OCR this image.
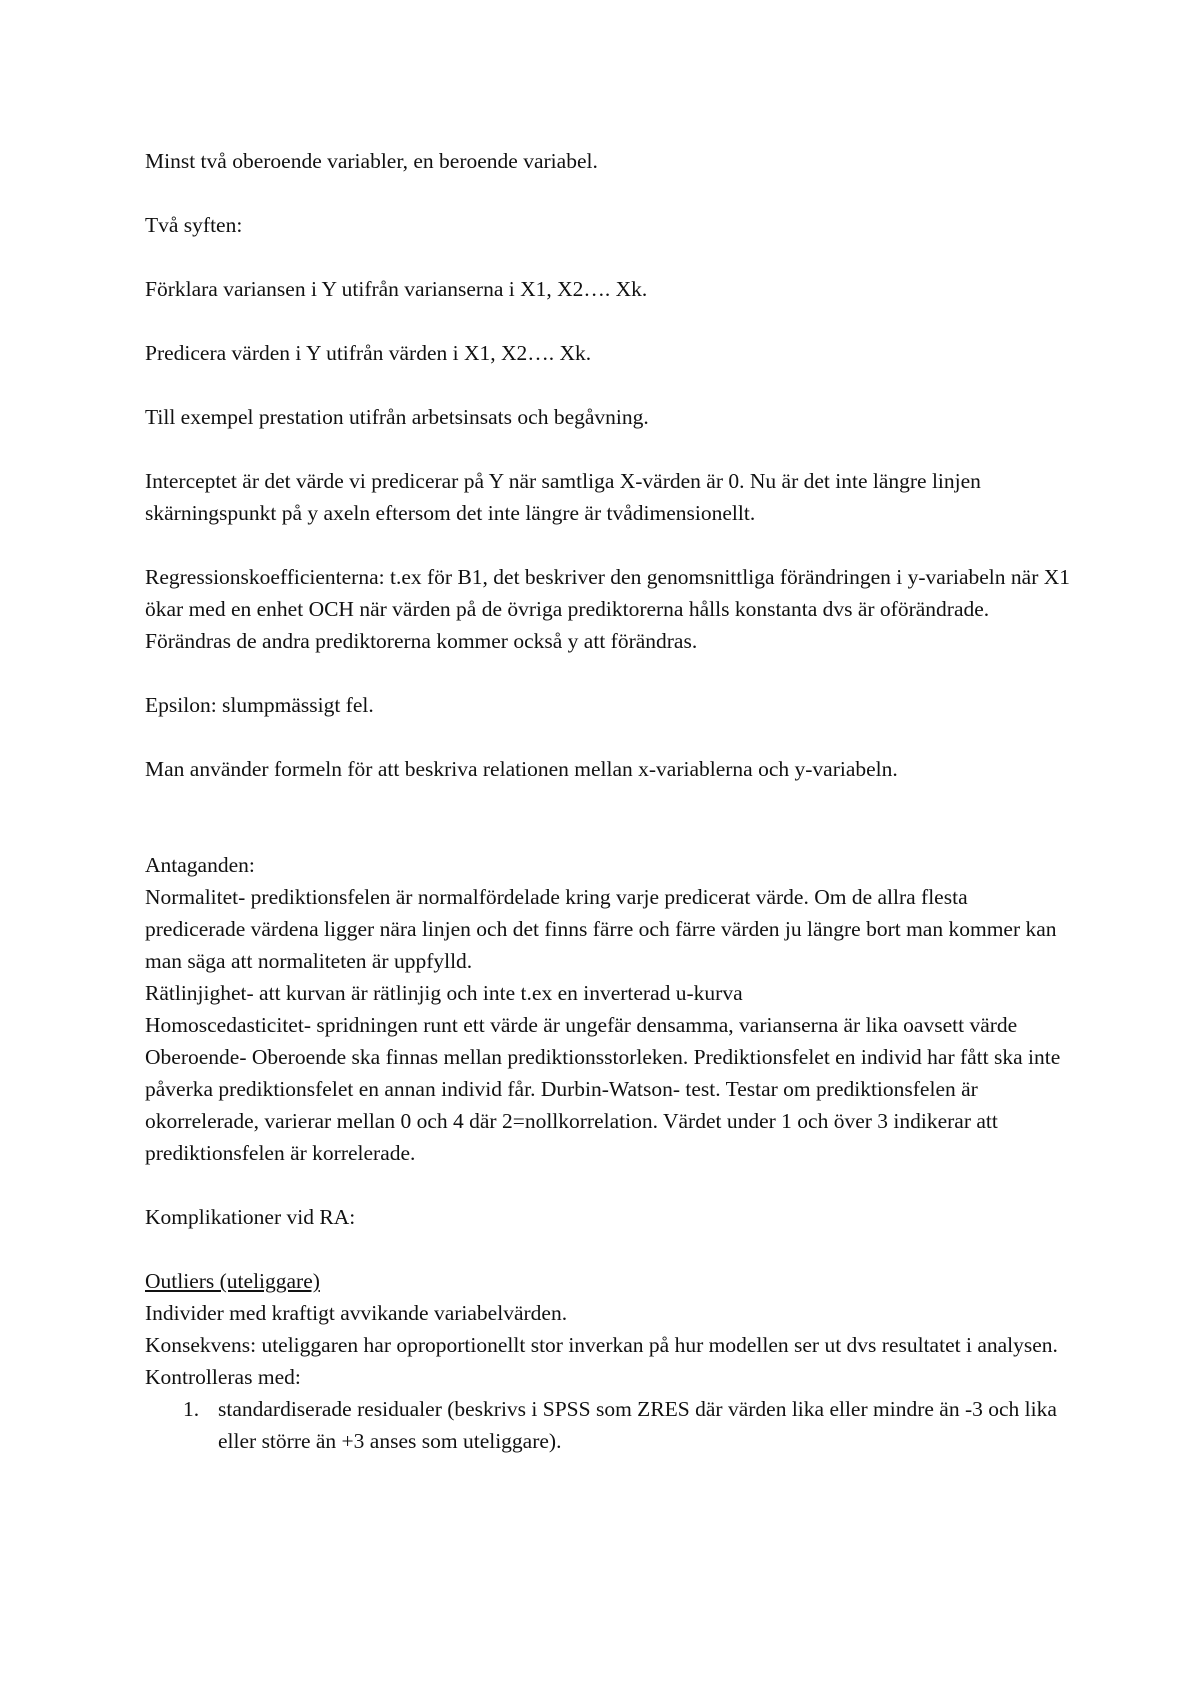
Minst två oberoende variabler, en beroende variabel.

Två syften:

Förklara variansen i Y utifrån varianserna i X1, X2…. Xk.

Predicera värden i Y utifrån värden i X1, X2…. Xk.

Till exempel prestation utifrån arbetsinsats och begåvning.

Interceptet är det värde vi predicerar på Y när samtliga X-värden är 0. Nu är det inte längre linjen skärningspunkt på y axeln eftersom det inte längre är tvådimensionellt.

Regressionskoefficienterna: t.ex för B1, det beskriver den genomsnittliga förändringen i y-variabeln när X1 ökar med en enhet OCH när värden på de övriga prediktorerna hålls konstanta dvs är oförändrade. Förändras de andra prediktorerna kommer också y att förändras.

Epsilon: slumpmässigt fel.

Man använder formeln för att beskriva relationen mellan x-variablerna och y-variabeln.

Antaganden:

Normalitet- prediktionsfelen är normalfördelade kring varje predicerat värde. Om de allra flesta predicerade värdena ligger nära linjen och det finns färre och färre värden ju längre bort man kommer kan man säga att normaliteten är uppfylld.

Rätlinjighet- att kurvan är rätlinjig och inte t.ex en inverterad u-kurva

Homoscedasticitet- spridningen runt ett värde är ungefär densamma, varianserna är lika oavsett värde

Oberoende- Oberoende ska finnas mellan prediktionsstorleken. Prediktionsfelet en individ har fått ska inte påverka prediktionsfelet en annan individ får. Durbin-Watson- test. Testar om prediktionsfelen är okorrelerade, varierar mellan 0 och 4 där 2=nollkorrelation. Värdet under 1 och över 3 indikerar att prediktionsfelen är korrelerade.

Komplikationer vid RA:

Outliers (uteliggare)

Individer med kraftigt avvikande variabelvärden.

Konsekvens: uteliggaren har oproportionellt stor inverkan på hur modellen ser ut dvs resultatet i analysen.

Kontrolleras med:

1. standardiserade residualer (beskrivs i SPSS som ZRES där värden lika eller mindre än -3 och lika eller större än +3 anses som uteliggare).
